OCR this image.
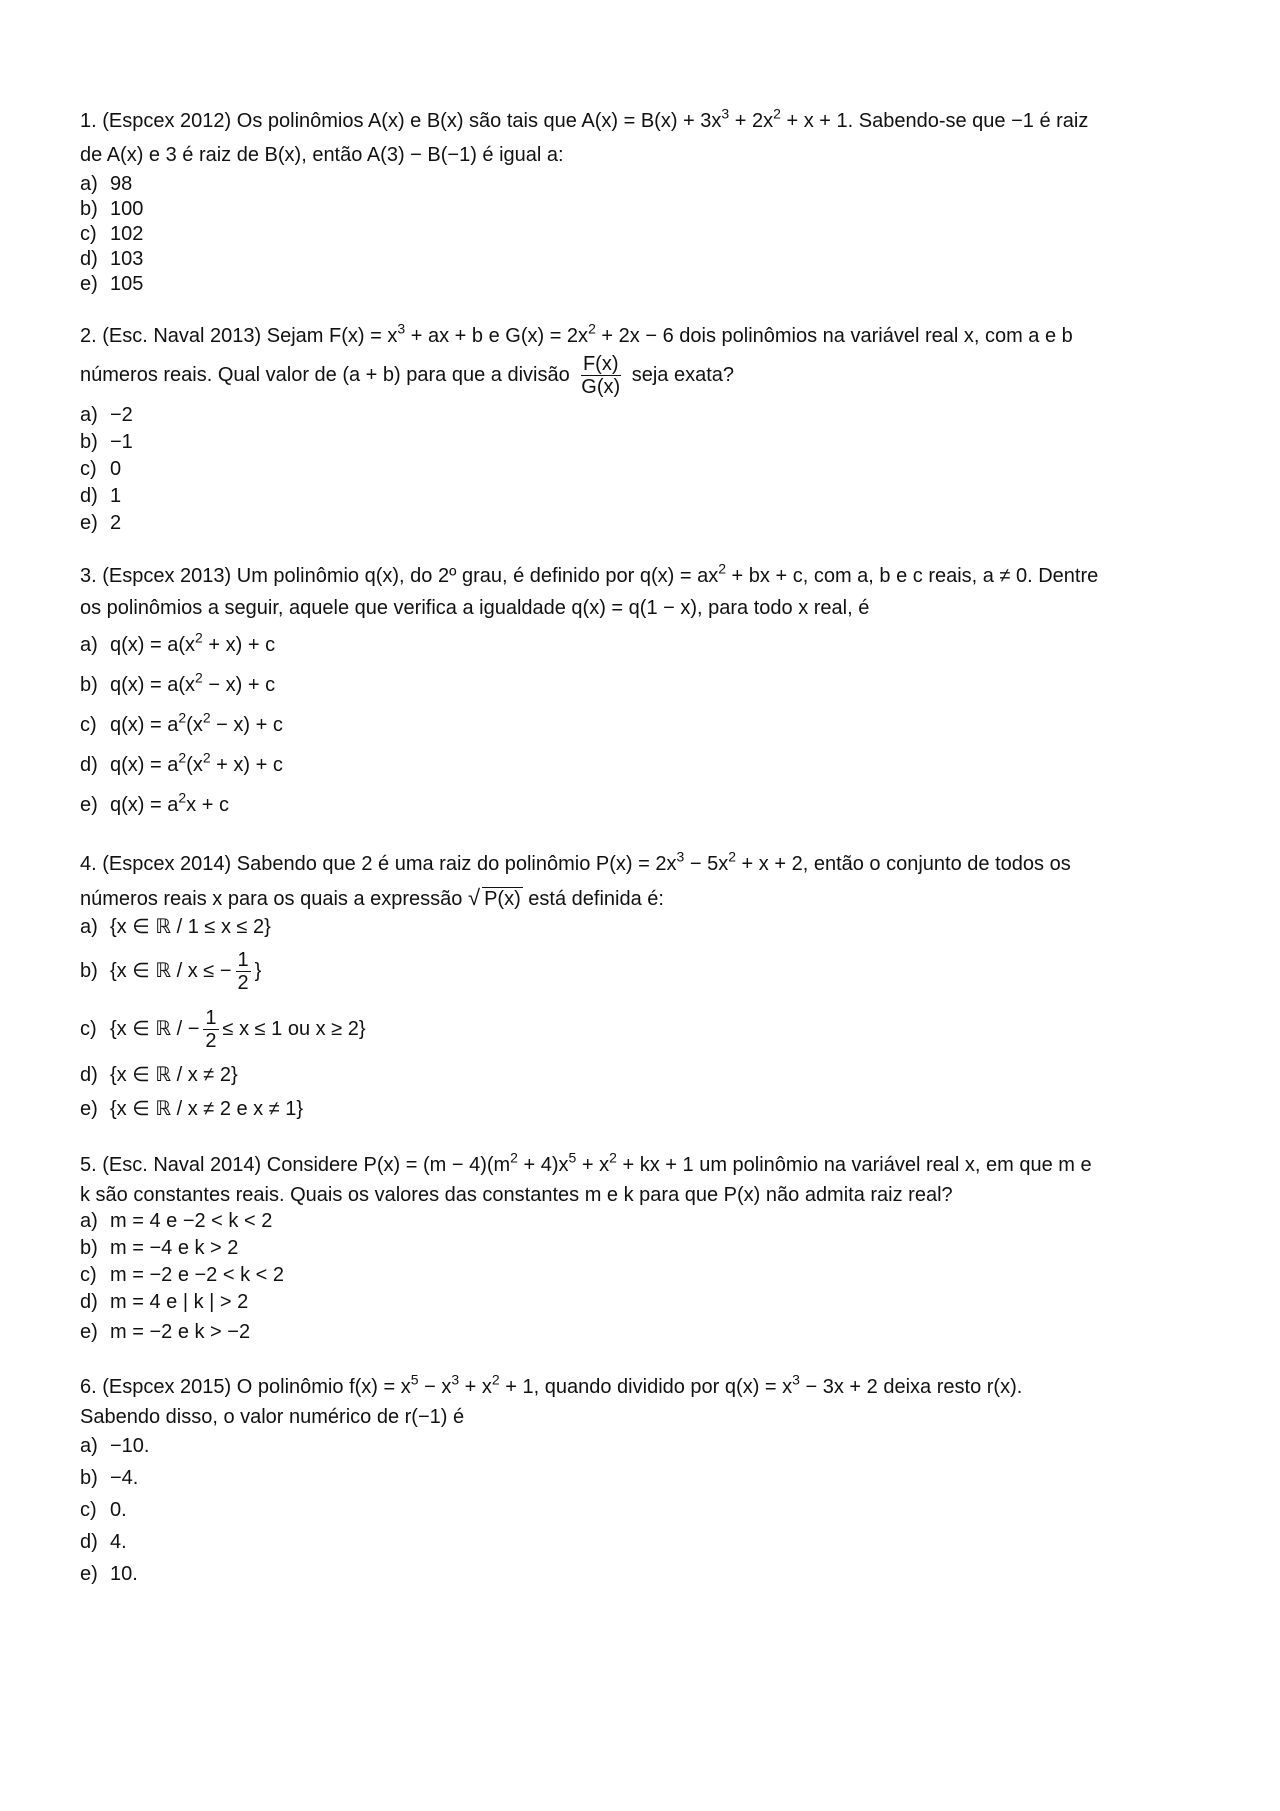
1. (Espcex 2012) Os polinômios A(x) e B(x) são tais que $A(x) = B(x) + 3x^3 + 2x^2 + x + 1$. Sabendo-se que −1 é raiz
de A(x) e 3 é raiz de B(x), então A(3) − B(−1) é igual a:
a) 98
b) 100
c) 102
d) 103
e) 105
2. (Esc. Naval 2013) Sejam $F(x) = x^3$ + ax + b e $G(x) = 2x^2 + 2x - 6$ dois polinômios na variável real x, com a e b
números reais. Qual valor de (a + b) para que a divisão $\frac{F(x)}{G(x)}$ seja exata?
a) −2
b) −1
c) 0
d) 1
e) 2
3. (Espcex 2013) Um polinômio q(x), do 2º grau, é definido por $q(x) = ax^2$ + bx + c, com a, b e c reais, a ≠ 0. Dentre
os polinômios a seguir, aquele que verifica a igualdade q(x) = q(1 − x), para todo x real, é
a) $q(x) = a(x^2 + x) + c$
b) $q(x) = a(x^2 - x) + c$
c) $q(x) = a^2(x^2 - x) + c$
d) $q(x) = a^2(x^2 + x) + c$
e) $q(x) = a^2x + c$
4. (Espcex 2014) Sabendo que 2 é uma raiz do polinômio $P(x) = 2x^3 - 5x^2 + x + 2$, então o conjunto de todos os
números reais x para os quais a expressão √ P(x) está definida é:
a) {x ∈ ℝ / 1 ≤ x ≤ 2}
b) {x ∈ ℝ / x ≤ − $\frac{1}{2}$ }
c) {x ∈ ℝ / − $\frac{1}{2} \le x \le 1$ ou x ≥ 2}
d) {x ∈ ℝ / x ≠ 2}
e) {x ∈ ℝ / x ≠ 2 e x ≠ 1}
5. (Esc. Naval 2014) Considere $P(x) = (m - 4)(m^2 + 4)x^5 + x^2$ + kx + 1 um polinômio na variável real x, em que m e
k são constantes reais. Quais os valores das constantes m e k para que P(x) não admita raiz real?
a) m = 4 e −2 < k < 2
b) m = −4 e k > 2
c) m = −2 e −2 < k < 2
d) m = 4 e | k | > 2
e) m = −2 e k > −2
6. (Espcex 2015) O polinômio $f(x) = x^5 - x^3 + x^2 + 1$, quando dividido por $q(x) = x^3 - 3x + 2$ deixa resto r(x).
Sabendo disso, o valor numérico de r(−1) é
a) −10.
b) −4.
c) 0.
d) 4.
e) 10.
